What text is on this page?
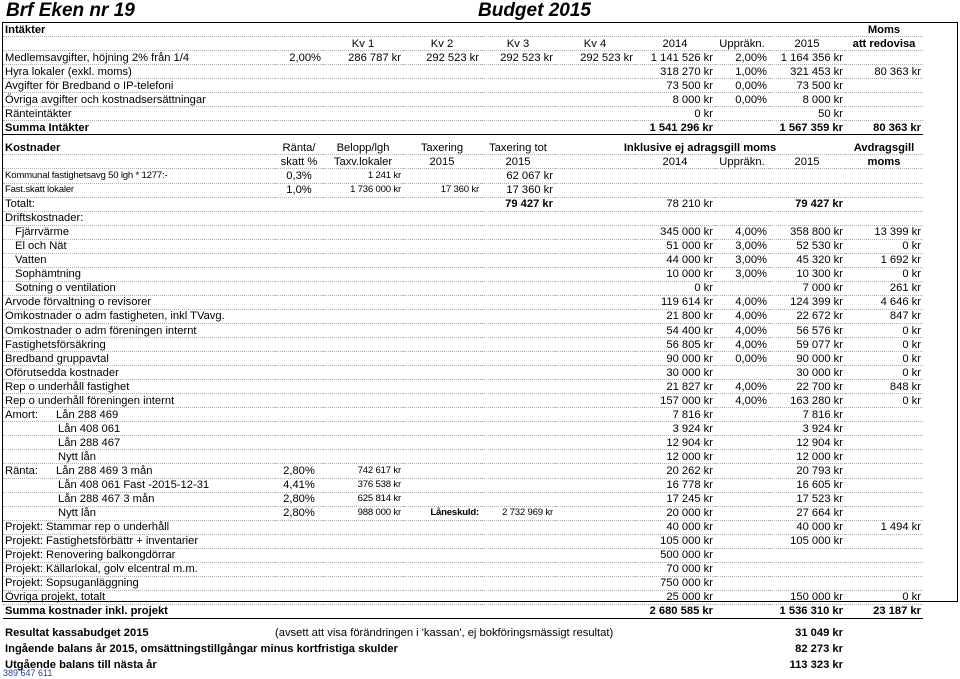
Brf Eken nr 19	Budget 2015
Intäkter									Moms
		Kv 1	Kv 2	Kv 3	Kv 4	2014	Uppräkn.	2015	att redovisa
Medlemsavgifter, höjning 2% från 1/4	2,00%	286 787 kr	292 523 kr	292 523 kr	292 523 kr	1 141 526 kr	2,00%	1 164 356 kr	
Hyra lokaler (exkl. moms)						318 270 kr	1,00%	321 453 kr	80 363 kr
Avgifter för Bredband o IP-telefoni						73 500 kr	0,00%	73 500 kr	
Övriga avgifter och kostnadsersättningar						8 000 kr	0,00%	8 000 kr	
Ränteintäkter						0 kr		50 kr	
Summa Intäkter						1 541 296 kr		1 567 359 kr	80 363 kr

Kostnader	Ränta/	Belopp/lgh	Taxering	Taxering tot	Inklusive ej adragsgill moms				Avdragsgill
	skatt %	Taxv.lokaler	2015	2015		2014	Uppräkn.	2015	moms
Kommunal fastighetsavg 50 lgh * 1277:-	0,3%	1 241 kr		62 067 kr					
Fast.skatt lokaler	1,0%	1 736 000 kr	17 360 kr	17 360 kr					
Totalt:				79 427 kr		78 210 kr		79 427 kr	
Driftskostnader:									
Fjärrvärme						345 000 kr	4,00%	358 800 kr	13 399 kr
El och Nät						51 000 kr	3,00%	52 530 kr	0 kr
Vatten						44 000 kr	3,00%	45 320 kr	1 692 kr
Sophämtning						10 000 kr	3,00%	10 300 kr	0 kr
Sotning o ventilation						0 kr		7 000 kr	261 kr
Arvode förvaltning o revisorer						119 614 kr	4,00%	124 399 kr	4 646 kr
Omkostnader o adm fastigheten, inkl TVavg.						21 800 kr	4,00%	22 672 kr	847 kr
Omkostnader o adm föreningen internt						54 400 kr	4,00%	56 576 kr	0 kr
Fastighetsförsäkring						56 805 kr	4,00%	59 077 kr	0 kr
Bredband gruppavtal						90 000 kr	0,00%	90 000 kr	0 kr
Oförutsedda kostnader						30 000 kr		30 000 kr	0 kr
Rep o underhåll fastighet						21 827 kr	4,00%	22 700 kr	848 kr
Rep o underhåll föreningen internt						157 000 kr	4,00%	163 280 kr	0 kr
Amort: Lån 288 469						7 816 kr		7 816 kr	
Lån 408 061						3 924 kr		3 924 kr	
Lån 288 467						12 904 kr		12 904 kr	
Nytt lån						12 000 kr		12 000 kr	
Ränta: Lån 288 469 3 mån	2,80%	742 617 kr				20 262 kr		20 793 kr	
Lån 408 061 Fast -2015-12-31	4,41%	376 538 kr				16 778 kr		16 605 kr	
Lån 288 467 3 mån	2,80%	625 814 kr				17 245 kr		17 523 kr	
Nytt lån	2,80%	988 000 kr	Låneskuld:	2 732 969 kr		20 000 kr		27 664 kr	
Projekt: Stammar rep o underhåll						40 000 kr		40 000 kr	1 494 kr
Projekt: Fastighetsförbättr + inventarier						105 000 kr		105 000 kr	
Projekt: Renovering balkongdörrar						500 000 kr			
Projekt: Källarlokal, golv elcentral m.m.						70 000 kr			
Projekt: Sopsuganläggning						750 000 kr			
Övriga projekt, totalt						25 000 kr		150 000 kr	0 kr
Summa kostnader inkl. projekt						2 680 585 kr		1 536 310 kr	23 187 kr

Resultat kassabudget 2015	(avsett att visa förändringen i 'kassan', ej bokföringsmässigt resultat)							31 049 kr	
Ingående balans år 2015, omsättningstillgångar minus kortfristiga skulder								82 273 kr	
Utgående balans till nästa år								113 323 kr	
389 647 611
